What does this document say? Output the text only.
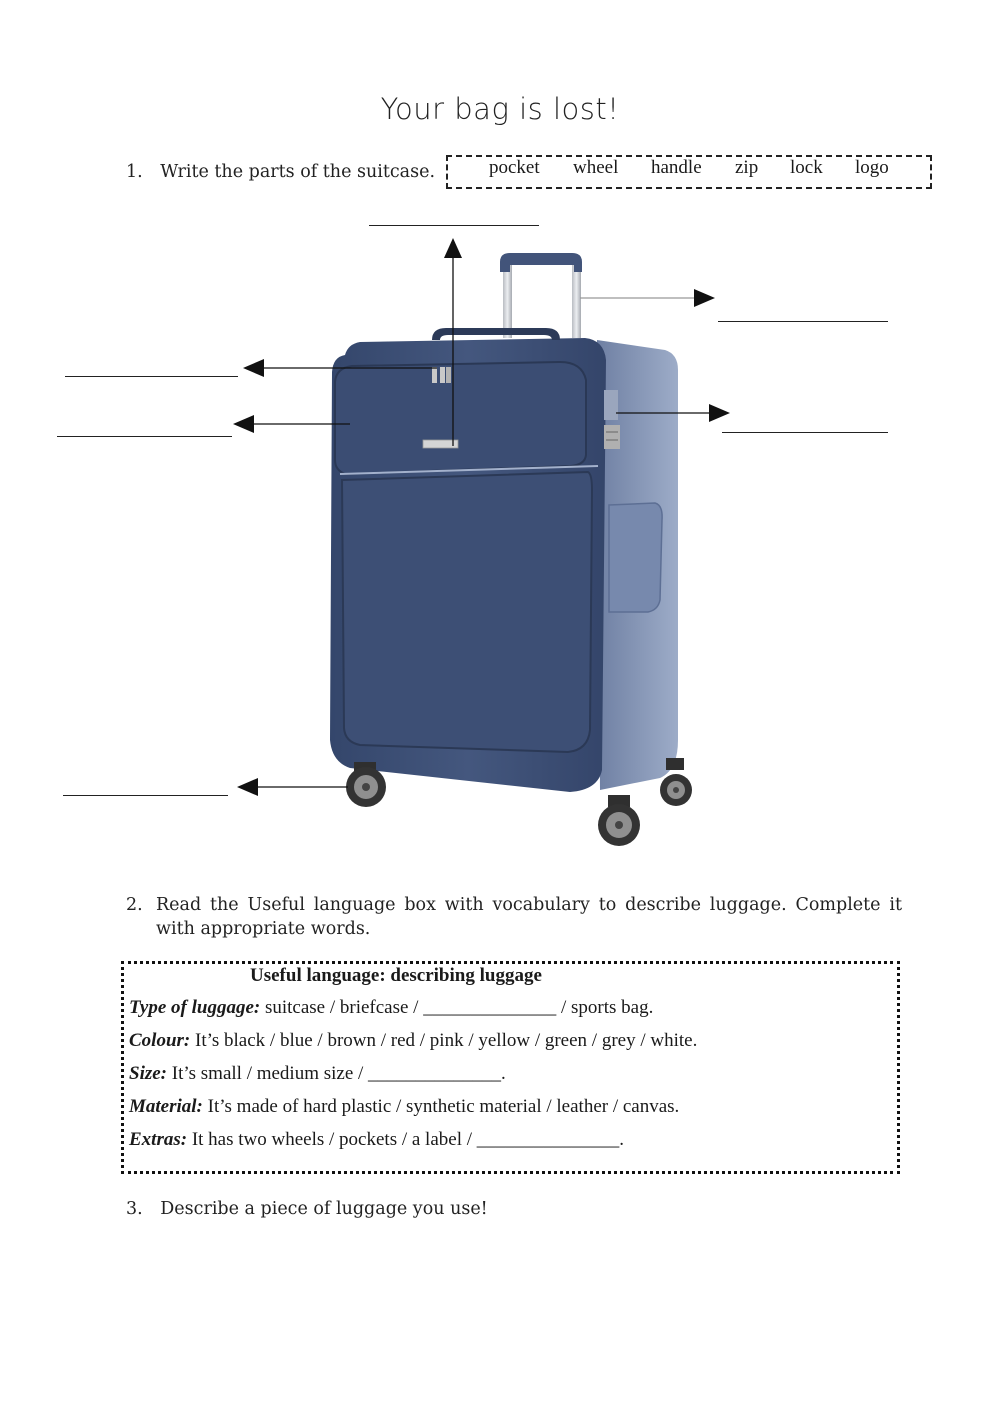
Your bag is lost!
1. Write the parts of the suitcase.	pocket wheel handle zip lock logo
2. Read the Useful language box with vocabulary to describe luggage. Complete it with appropriate words.
Useful language: describing luggage
Type of luggage: suitcase / briefcase / ______________ / sports bag.
Colour: It’s black / blue / brown / red / pink / yellow / green / grey / white.
Size: It’s small / medium size / ______________.
Material: It’s made of hard plastic / synthetic material / leather / canvas.
Extras: It has two wheels / pockets / a label / _______________.
3. Describe a piece of luggage you use!
